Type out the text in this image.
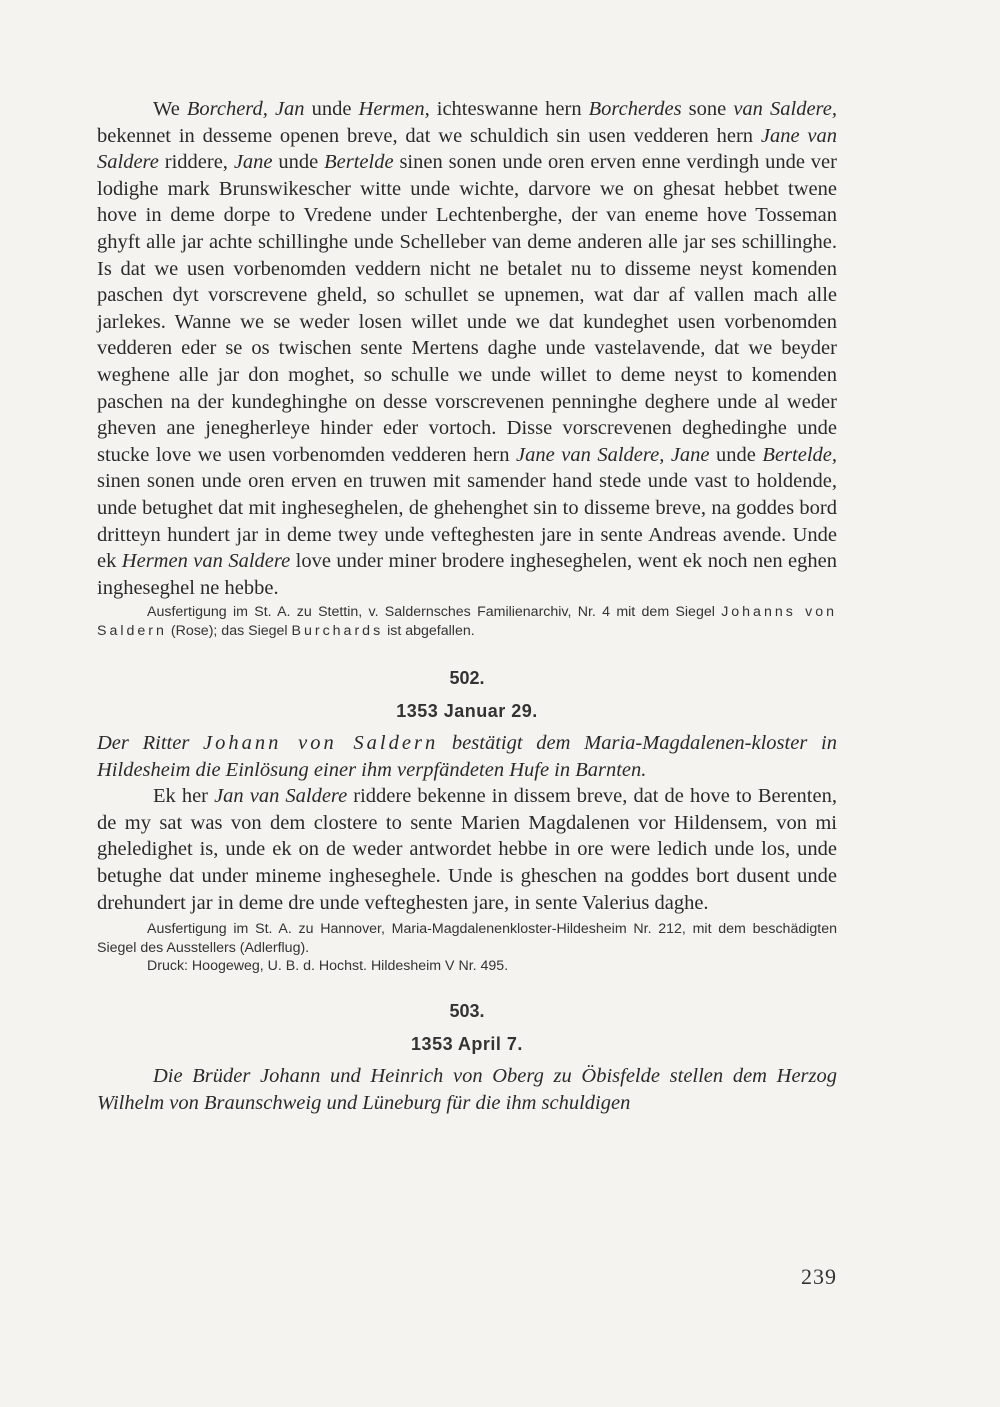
We Borcherd, Jan unde Hermen, ichteswanne hern Borcherdes sone van Saldere, bekennet in desseme openen breve, dat we schuldich sin usen vedderen hern Jane van Saldere riddere, Jane unde Bertelde sinen sonen unde oren erven enne verdingh unde ver lodighe mark Brunswikescher witte unde wichte, darvore we on ghesat hebbet twene hove in deme dorpe to Vredene under Lechtenberghe, der van eneme hove Tosseman ghyft alle jar achte schillinghe unde Schelleber van deme anderen alle jar ses schillinghe. Is dat we usen vorbenomden veddern nicht ne betalet nu to disseme neyst komenden paschen dyt vorscrevene gheld, so schullet se upnemen, wat dar af vallen mach alle jarlekes. Wanne we se weder losen willet unde we dat kundeghet usen vorbenomden vedderen eder se os twischen sente Mertens daghe unde vastelavende, dat we beyder weghene alle jar don moghet, so schulle we unde willet to deme neyst to komenden paschen na der kundeghinghe on desse vorscrevenen penninghe deghere unde al weder gheven ane jenegherleye hinder eder vortoch. Disse vorscrevenen deghedinghe unde stucke love we usen vorbenomden vedderen hern Jane van Saldere, Jane unde Bertelde, sinen sonen unde oren erven en truwen mit samender hand stede unde vast to holdende, unde betughet dat mit ingheseghelen, de ghehenghet sin to disseme breve, na goddes bord dritteyn hundert jar in deme twey unde vefteghesten jare in sente Andreas avende. Unde ek Hermen van Saldere love under miner brodere ingheseghelen, went ek noch nen eghen ingheseghel ne hebbe.

Ausfertigung im St. A. zu Stettin, v. Saldernsches Familienarchiv, Nr. 4 mit dem Siegel Johanns von Saldern (Rose); das Siegel Burchards ist abgefallen.

502.

1353 Januar 29.

Der Ritter Johann von Saldern bestätigt dem Maria-Magdalenen-kloster in Hildesheim die Einlösung einer ihm verpfändeten Hufe in Barnten.

Ek her Jan van Saldere riddere bekenne in dissem breve, dat de hove to Berenten, de my sat was von dem clostere to sente Marien Magdalenen vor Hildensem, von mi gheledighet is, unde ek on de weder antwordet hebbe in ore were ledich unde los, unde betughe dat under mineme ingheseghele. Unde is gheschen na goddes bort dusent unde drehundert jar in deme dre unde vefteghesten jare, in sente Valerius daghe.

Ausfertigung im St. A. zu Hannover, Maria-Magdalenenkloster-Hildesheim Nr. 212, mit dem beschädigten Siegel des Ausstellers (Adlerflug).

Druck: Hoogeweg, U. B. d. Hochst. Hildesheim V Nr. 495.

503.

1353 April 7.

Die Brüder Johann und Heinrich von Oberg zu Öbisfelde stellen dem Herzog Wilhelm von Braunschweig und Lüneburg für die ihm schuldigen

239
